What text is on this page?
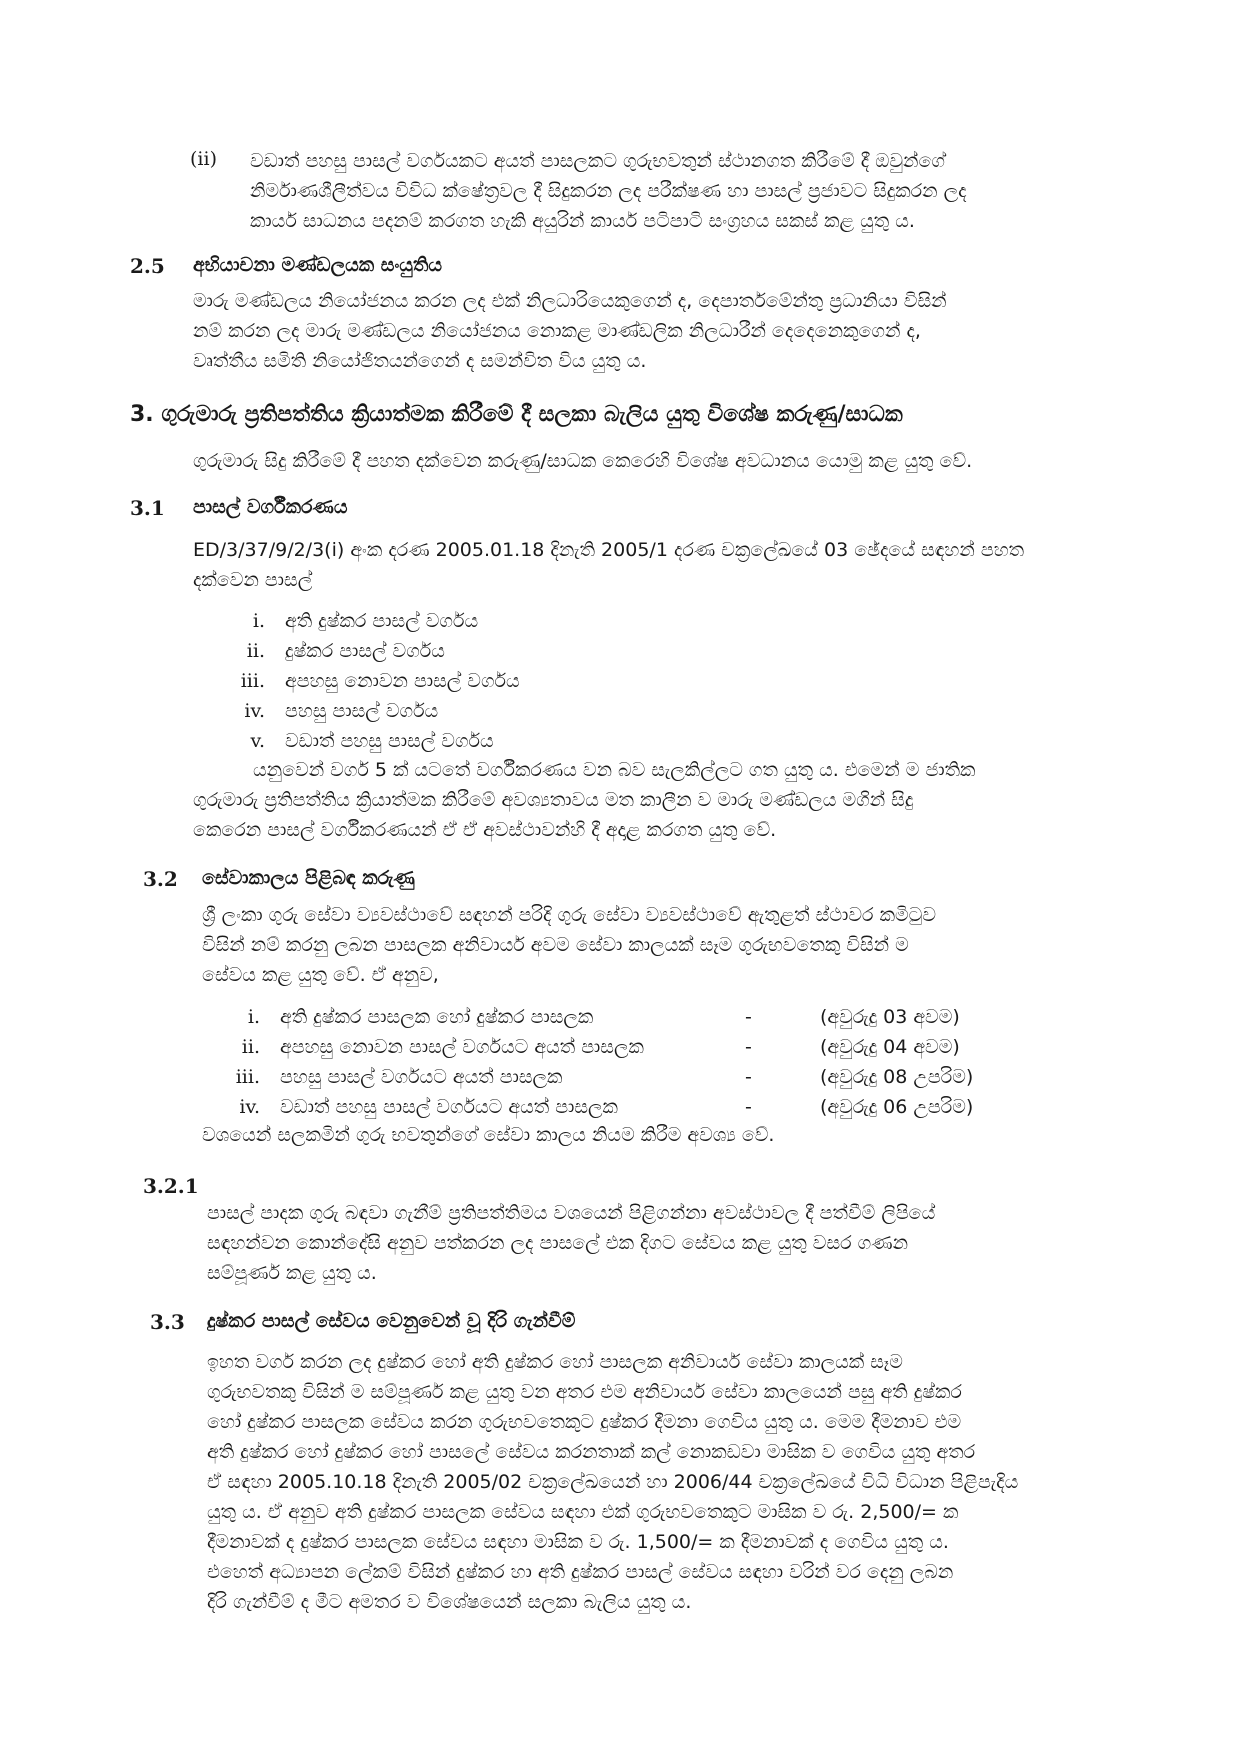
(ii) වඩාත් පහසු පාසල් වර්ගයකට අයත් පාසලකට ගුරුභවතුන් ස්ථානගත කිරීමේ දී ඔවුන්ගේ
නිර්මාණශීලීත්වය විවිධ ක්ෂේත්‍රවල දී සිදුකරන ලද පරීක්ෂණ හා පාසල් ප්‍රජාවට සිදුකරන ලද
කාර්ය සාධනය පදනම් කරගත හැකි අයුරින් කාර්ය පටිපාටි සංග්‍රහය සකස් කළ යුතු ය.
2.5 අභියාචනා මණ්ඩලයක සංයුතිය
මාරු මණ්ඩලය නියෝජනය කරන ලද එක් නිලධාරියෙකුගෙන් ද, දෙපාර්තමේන්තු ප්‍රධානියා විසින්
නම් කරන ලද මාරු මණ්ඩලය නියෝජනය නොකළ මාණ්ඩලික නිලධාරීන් දෙදෙනෙකුගෙන් ද,
වෘත්තීය සමිති නියෝජිතයන්ගෙන් ද සමන්විත විය යුතු ය.
3. ගුරුමාරු ප්‍රතිපත්තිය ක්‍රියාත්මක කිරීමේ දී සලකා බැලිය යුතු විශේෂ කරුණු/සාධක
ගුරුමාරු සිදු කිරීමේ දී පහත දක්වෙන කරුණු/සාධක කෙරෙහි විශේෂ අවධානය යොමු කළ යුතු වේ.
3.1 පාසල් වර්ගීකරණය
ED/3/37/9/2/3(i) අංක දරණ 2005.01.18 දිනැති 2005/1 දරණ චක්‍රලේඛයේ 03 ඡේදයේ සඳහන් පහත
දක්වෙන පාසල්
i. අති දුෂ්කර පාසල් වර්ගය
ii. දුෂ්කර පාසල් වර්ගය
iii. අපහසු නොවන පාසල් වර්ගය
iv. පහසු පාසල් වර්ගය
v. වඩාත් පහසු පාසල් වර්ගය
යනුවෙන් වර්ග 5 ක් යටතේ වර්ගීකරණය වන බව සැලකිල්ලට ගත යුතු ය. එමෙන් ම ජාතික
ගුරුමාරු ප්‍රතිපත්තිය ක්‍රියාත්මක කිරීමේ අවශ්‍යතාවය මත කාලීන ව මාරු මණ්ඩලය මගින් සිදු
කෙරෙන පාසල් වර්ගීකරණයන් ඒ ඒ අවස්ථාවන්හි දී අදාළ කරගත යුතු වේ.
3.2 සේවාකාලය පිළිබඳ කරුණු
ශ්‍රී ලංකා ගුරු සේවා ව්‍යවස්ථාවේ සඳහන් පරිදි ගුරු සේවා ව්‍යවස්ථාවේ ඇතුළත් ස්ථාවර කමිටුව
විසින් නම් කරනු ලබන පාසලක අනිවාර්ය අවම සේවා කාලයක් සෑම ගුරුභවතෙකු විසින් ම
සේවය කළ යුතු වේ. ඒ අනුව,
i. අති දුෂ්කර පාසලක හෝ දුෂ්කර පාසලක	-	(අවුරුදු 03 අවම)
ii. අපහසු නොවන පාසල් වර්ගයට අයත් පාසලක	-	(අවුරුදු 04 අවම)
iii. පහසු පාසල් වර්ගයට අයත් පාසලක	-	(අවුරුදු 08 උපරිම)
iv. වඩාත් පහසු පාසල් වර්ගයට අයත් පාසලක	-	(අවුරුදු 06 උපරිම)
වශයෙන් සලකමින් ගුරු භවතුන්ගේ සේවා කාලය නියම කිරීම අවශ්‍ය වේ.
3.2.1
පාසල් පාදක ගුරු බඳවා ගැනීම් ප්‍රතිපත්තිමය වශයෙන් පිළිගන්නා අවස්ථාවල දී පත්වීම් ලිපියේ
සඳහන්වන කොන්දේසි අනුව පත්කරන ලද පාසලේ එක දිගට සේවය කළ යුතු වසර ගණන
සම්පූර්ණ කළ යුතු ය.
3.3 දුෂ්කර පාසල් සේවය වෙනුවෙන් වූ දිරි ගැන්වීම්
ඉහත වර්ග කරන ලද දුෂ්කර හෝ අති දුෂ්කර හෝ පාසලක අනිවාර්ය සේවා කාලයක් සෑම
ගුරුභවතකු විසින් ම සම්පූර්ණ කළ යුතු වන අතර එම අනිවාර්ය සේවා කාලයෙන් පසු අති දුෂ්කර
හෝ දුෂ්කර පාසලක සේවය කරන ගුරුභවතෙකුට දුෂ්කර දීමනා ගෙවිය යුතු ය. මෙම දීමනාව එම
අති දුෂ්කර හෝ දුෂ්කර හෝ පාසලේ සේවය කරනතාක් කල් නොකඩවා මාසික ව ගෙවිය යුතු අතර
ඒ සඳහා 2005.10.18 දිනැති 2005/02 චක්‍රලේඛයෙන් හා 2006/44 චක්‍රලේඛයේ විධි විධාන පිළිපැදිය
යුතු ය. ඒ අනුව අති දුෂ්කර පාසලක සේවය සඳහා එක් ගුරුභවතෙකුට මාසික ව රු. 2,500/= ක
දීමනාවක් ද දුෂ්කර පාසලක සේවය සඳහා මාසික ව රු. 1,500/= ක දීමනාවක් ද ගෙවිය යුතු ය.
එහෙත් අධ්‍යාපන ලේකම් විසින් දුෂ්කර හා අති දුෂ්කර පාසල් සේවය සඳහා වරින් වර දෙනු ලබන
දිරි ගැන්වීම් ද මීට අමතර ව විශේෂයෙන් සලකා බැලිය යුතු ය.
